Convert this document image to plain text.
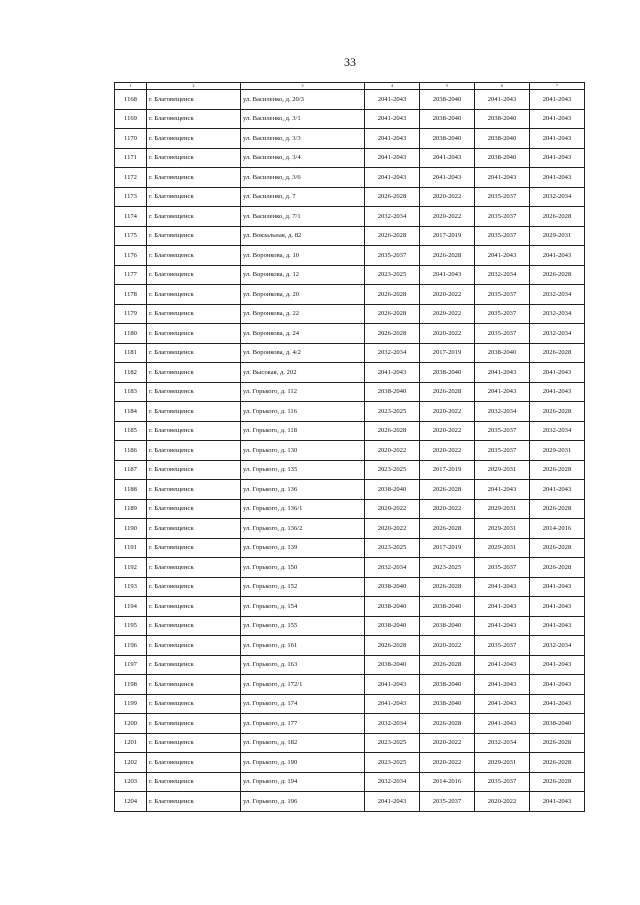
33
1	2	3	4	5	6	7
1168	г. Благовещенск	ул. Василенко, д. 20/3	2041-2043	2038-2040	2041-2043	2041-2043
1169	г. Благовещенск	ул. Василенко, д. 3/1	2041-2043	2038-2040	2038-2040	2041-2043
1170	г. Благовещенск	ул. Василенко, д. 3/3	2041-2043	2038-2040	2038-2040	2041-2043
1171	г. Благовещенск	ул. Василенко, д. 3/4	2041-2043	2041-2043	2038-2040	2041-2043
1172	г. Благовещенск	ул. Василенко, д. 3/6	2041-2043	2041-2043	2041-2043	2041-2043
1173	г. Благовещенск	ул. Василенко, д. 7	2026-2028	2020-2022	2035-2037	2032-2034
1174	г. Благовещенск	ул. Василенко, д. 7/1	2032-2034	2020-2022	2035-2037	2026-2028
1175	г. Благовещенск	ул. Вокзальная, д. 82	2026-2028	2017-2019	2035-2037	2029-2031
1176	г. Благовещенск	ул. Воронкова, д. 10	2035-2037	2026-2028	2041-2043	2041-2043
1177	г. Благовещенск	ул. Воронкова, д. 12	2023-2025	2041-2043	2032-2034	2026-2028
1178	г. Благовещенск	ул. Воронкова, д. 20	2026-2028	2020-2022	2035-2037	2032-2034
1179	г. Благовещенск	ул. Воронкова, д. 22	2026-2028	2020-2022	2035-2037	2032-2034
1180	г. Благовещенск	ул. Воронкова, д. 24	2026-2028	2020-2022	2035-2037	2032-2034
1181	г. Благовещенск	ул. Воронкова, д. 4/2	2032-2034	2017-2019	2038-2040	2026-2028
1182	г. Благовещенск	ул. Высокая, д. 202	2041-2043	2038-2040	2041-2043	2041-2043
1183	г. Благовещенск	ул. Горького, д. 112	2038-2040	2026-2028	2041-2043	2041-2043
1184	г. Благовещенск	ул. Горького, д. 116	2023-2025	2020-2022	2032-2034	2026-2028
1185	г. Благовещенск	ул. Горького, д. 118	2026-2028	2020-2022	2035-2037	2032-2034
1186	г. Благовещенск	ул. Горького, д. 130	2020-2022	2020-2022	2035-2037	2029-2031
1187	г. Благовещенск	ул. Горького, д. 135	2023-2025	2017-2019	2029-2031	2026-2028
1188	г. Благовещенск	ул. Горького, д. 136	2038-2040	2026-2028	2041-2043	2041-2043
1189	г. Благовещенск	ул. Горького, д. 136/1	2020-2022	2020-2022	2029-2031	2026-2028
1190	г. Благовещенск	ул. Горького, д. 136/2	2020-2022	2026-2028	2029-2031	2014-2016
1191	г. Благовещенск	ул. Горького, д. 139	2023-2025	2017-2019	2029-2031	2026-2028
1192	г. Благовещенск	ул. Горького, д. 150	2032-2034	2023-2025	2035-2037	2026-2028
1193	г. Благовещенск	ул. Горького, д. 152	2038-2040	2026-2028	2041-2043	2041-2043
1194	г. Благовещенск	ул. Горького, д. 154	2038-2040	2038-2040	2041-2043	2041-2043
1195	г. Благовещенск	ул. Горького, д. 155	2038-2040	2038-2040	2041-2043	2041-2043
1196	г. Благовещенск	ул. Горького, д. 161	2026-2028	2020-2022	2035-2037	2032-2034
1197	г. Благовещенск	ул. Горького, д. 163	2038-2040	2026-2028	2041-2043	2041-2043
1198	г. Благовещенск	ул. Горького, д. 172/1	2041-2043	2038-2040	2041-2043	2041-2043
1199	г. Благовещенск	ул. Горького, д. 174	2041-2043	2038-2040	2041-2043	2041-2043
1200	г. Благовещенск	ул. Горького, д. 177	2032-2034	2026-2028	2041-2043	2038-2040
1201	г. Благовещенск	ул. Горького, д. 182	2023-2025	2020-2022	2032-2034	2026-2028
1202	г. Благовещенск	ул. Горького, д. 190	2023-2025	2020-2022	2029-2031	2026-2028
1203	г. Благовещенск	ул. Горького, д. 194	2032-2034	2014-2016	2035-2037	2026-2028
1204	г. Благовещенск	ул. Горького, д. 196	2041-2043	2035-2037	2020-2022	2041-2043
